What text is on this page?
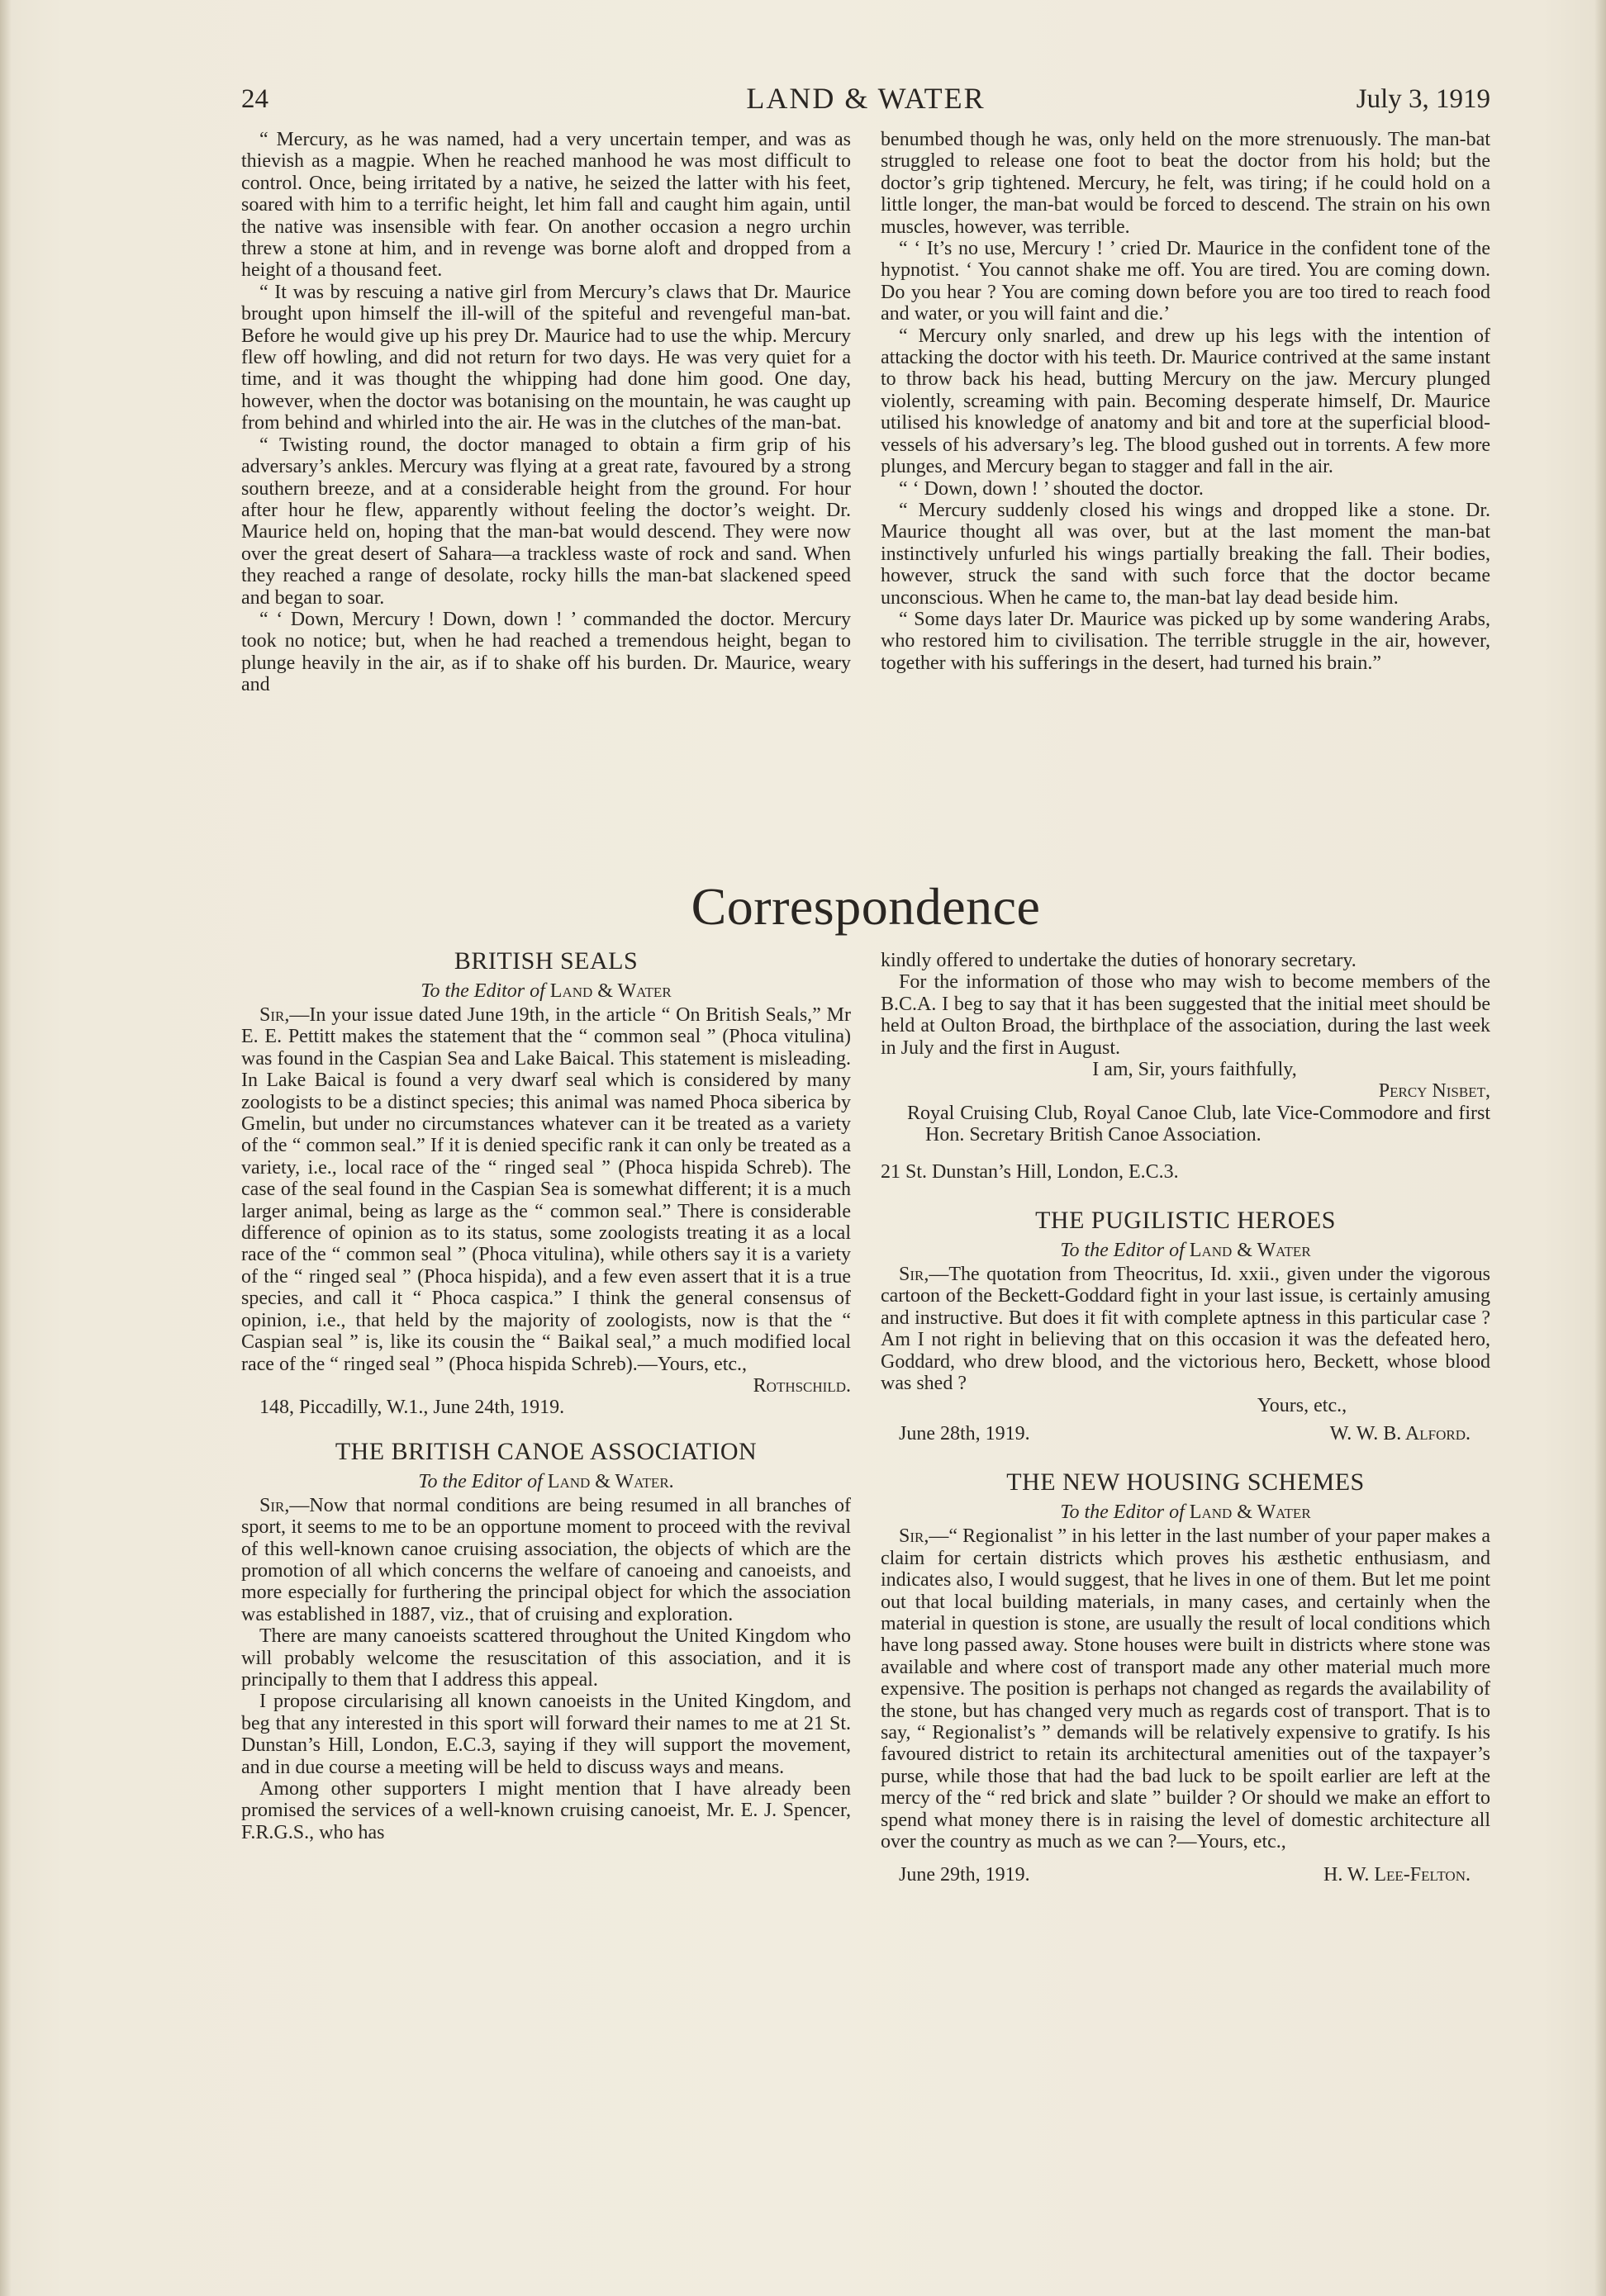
24	LAND & WATER	July 3, 1919

“ Mercury, as he was named, had a very uncertain temper, and was as thievish as a magpie. When he reached manhood he was most difficult to control. Once, being irritated by a native, he seized the latter with his feet, soared with him to a terrific height, let him fall and caught him again, until the native was insensible with fear. On another occasion a negro urchin threw a stone at him, and in revenge was borne aloft and dropped from a height of a thousand feet.

“ It was by rescuing a native girl from Mercury’s claws that Dr. Maurice brought upon himself the ill-will of the spiteful and revengeful man-bat. Before he would give up his prey Dr. Maurice had to use the whip. Mercury flew off howling, and did not return for two days. He was very quiet for a time, and it was thought the whipping had done him good. One day, however, when the doctor was botanising on the mountain, he was caught up from behind and whirled into the air. He was in the clutches of the man-bat.

“ Twisting round, the doctor managed to obtain a firm grip of his adversary’s ankles. Mercury was flying at a great rate, favoured by a strong southern breeze, and at a considerable height from the ground. For hour after hour he flew, apparently without feeling the doctor’s weight. Dr. Maurice held on, hoping that the man-bat would descend. They were now over the great desert of Sahara—a trackless waste of rock and sand. When they reached a range of desolate, rocky hills the man-bat slackened speed and began to soar.

“ ‘ Down, Mercury ! Down, down ! ’ commanded the doctor. Mercury took no notice; but, when he had reached a tremendous height, began to plunge heavily in the air, as if to shake off his burden. Dr. Maurice, weary and

benumbed though he was, only held on the more strenuously. The man-bat struggled to release one foot to beat the doctor from his hold; but the doctor’s grip tightened. Mercury, he felt, was tiring; if he could hold on a little longer, the man-bat would be forced to descend. The strain on his own muscles, however, was terrible.

“ ‘ It’s no use, Mercury ! ’ cried Dr. Maurice in the confident tone of the hypnotist. ‘ You cannot shake me off. You are tired. You are coming down. Do you hear ? You are coming down before you are too tired to reach food and water, or you will faint and die.’

“ Mercury only snarled, and drew up his legs with the intention of attacking the doctor with his teeth. Dr. Maurice contrived at the same instant to throw back his head, butting Mercury on the jaw. Mercury plunged violently, screaming with pain. Becoming desperate himself, Dr. Maurice utilised his knowledge of anatomy and bit and tore at the superficial blood-vessels of his adversary’s leg. The blood gushed out in torrents. A few more plunges, and Mercury began to stagger and fall in the air.

“ ‘ Down, down ! ’ shouted the doctor.

“ Mercury suddenly closed his wings and dropped like a stone. Dr. Maurice thought all was over, but at the last moment the man-bat instinctively unfurled his wings partially breaking the fall. Their bodies, however, struck the sand with such force that the doctor became unconscious. When he came to, the man-bat lay dead beside him.

“ Some days later Dr. Maurice was picked up by some wandering Arabs, who restored him to civilisation. The terrible struggle in the air, however, together with his sufferings in the desert, had turned his brain.”

Correspondence
BRITISH SEALS
To the Editor of Land & Water

Sir,—In your issue dated June 19th, in the article “ On British Seals,” Mr E. E. Pettitt makes the statement that the “ common seal ” (Phoca vitulina) was found in the Caspian Sea and Lake Baical. This statement is misleading. In Lake Baical is found a very dwarf seal which is considered by many zoologists to be a distinct species; this animal was named Phoca siberica by Gmelin, but under no circumstances whatever can it be treated as a variety of the “ common seal.” If it is denied specific rank it can only be treated as a variety, i.e., local race of the “ ringed seal ” (Phoca hispida Schreb). The case of the seal found in the Caspian Sea is somewhat different; it is a much larger animal, being as large as the “ common seal.” There is considerable difference of opinion as to its status, some zoologists treating it as a local race of the “ common seal ” (Phoca vitulina), while others say it is a variety of the “ ringed seal ” (Phoca hispida), and a few even assert that it is a true species, and call it “ Phoca caspica.” I think the general consensus of opinion, i.e., that held by the majority of zoologists, now is that the “ Caspian seal ” is, like its cousin the “ Baikal seal,” a much modified local race of the “ ringed seal ” (Phoca hispida Schreb).—Yours, etc.,

Rothschild.

148, Piccadilly, W.1., June 24th, 1919.

THE BRITISH CANOE ASSOCIATION
To the Editor of Land & Water.

Sir,—Now that normal conditions are being resumed in all branches of sport, it seems to me to be an opportune moment to proceed with the revival of this well-known canoe cruising association, the objects of which are the promotion of all which concerns the welfare of canoeing and canoeists, and more especially for furthering the principal object for which the association was established in 1887, viz., that of cruising and exploration.

There are many canoeists scattered throughout the United Kingdom who will probably welcome the resuscitation of this association, and it is principally to them that I address this appeal.

I propose circularising all known canoeists in the United Kingdom, and beg that any interested in this sport will forward their names to me at 21 St. Dunstan’s Hill, London, E.C.3, saying if they will support the movement, and in due course a meeting will be held to discuss ways and means.

Among other supporters I might mention that I have already been promised the services of a well-known cruising canoeist, Mr. E. J. Spencer, F.R.G.S., who has

kindly offered to undertake the duties of honorary secretary.

For the information of those who may wish to become members of the B.C.A. I beg to say that it has been suggested that the initial meet should be held at Oulton Broad, the birthplace of the association, during the last week in July and the first in August.

I am, Sir, yours faithfully,

Percy Nisbet,

Royal Cruising Club, Royal Canoe Club, late Vice-Commodore and first Hon. Secretary British Canoe Association.

21 St. Dunstan’s Hill, London, E.C.3.

THE PUGILISTIC HEROES
To the Editor of Land & Water

Sir,—The quotation from Theocritus, Id. xxii., given under the vigorous cartoon of the Beckett-Goddard fight in your last issue, is certainly amusing and instructive. But does it fit with complete aptness in this particular case ? Am I not right in believing that on this occasion it was the defeated hero, Goddard, who drew blood, and the victorious hero, Beckett, whose blood was shed ?

Yours, etc.,

June 28th, 1919.	W. W. B. Alford.
THE NEW HOUSING SCHEMES
To the Editor of Land & Water

Sir,—“ Regionalist ” in his letter in the last number of your paper makes a claim for certain districts which proves his æsthetic enthusiasm, and indicates also, I would suggest, that he lives in one of them. But let me point out that local building materials, in many cases, and certainly when the material in question is stone, are usually the result of local conditions which have long passed away. Stone houses were built in districts where stone was available and where cost of transport made any other material much more expensive. The position is perhaps not changed as regards the availability of the stone, but has changed very much as regards cost of transport. That is to say, “ Regionalist’s ” demands will be relatively expensive to gratify. Is his favoured district to retain its architectural amenities out of the taxpayer’s purse, while those that had the bad luck to be spoilt earlier are left at the mercy of the “ red brick and slate ” builder ? Or should we make an effort to spend what money there is in raising the level of domestic architecture all over the country as much as we can ?—Yours, etc.,

June 29th, 1919.	H. W. Lee-Felton.
